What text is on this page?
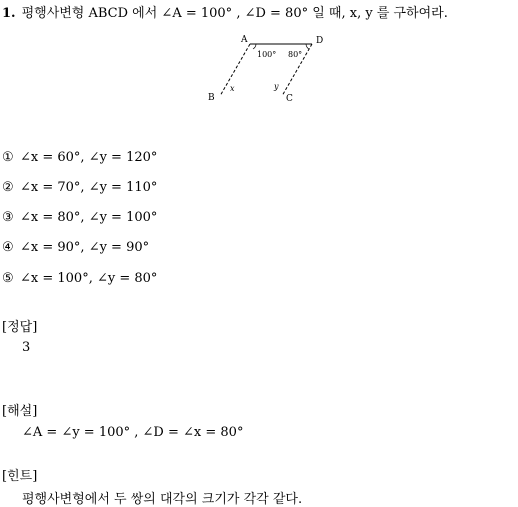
1. 평행사변형 ABCD 에서 ∠A = 100° , ∠D = 80° 일 때, x, y 를 구하여라.
A	D
B	C
100° 80°
x	y
① ∠x = 60°, ∠y = 120°
② ∠x = 70°, ∠y = 110°
③ ∠x = 80°, ∠y = 100°
④ ∠x = 90°, ∠y = 90°
⑤ ∠x = 100°, ∠y = 80°
[정답]
3
[해설]
∠A = ∠y = 100° , ∠D = ∠x = 80°
[힌트]
평행사변형에서 두 쌍의 대각의 크기가 각각 같다.
